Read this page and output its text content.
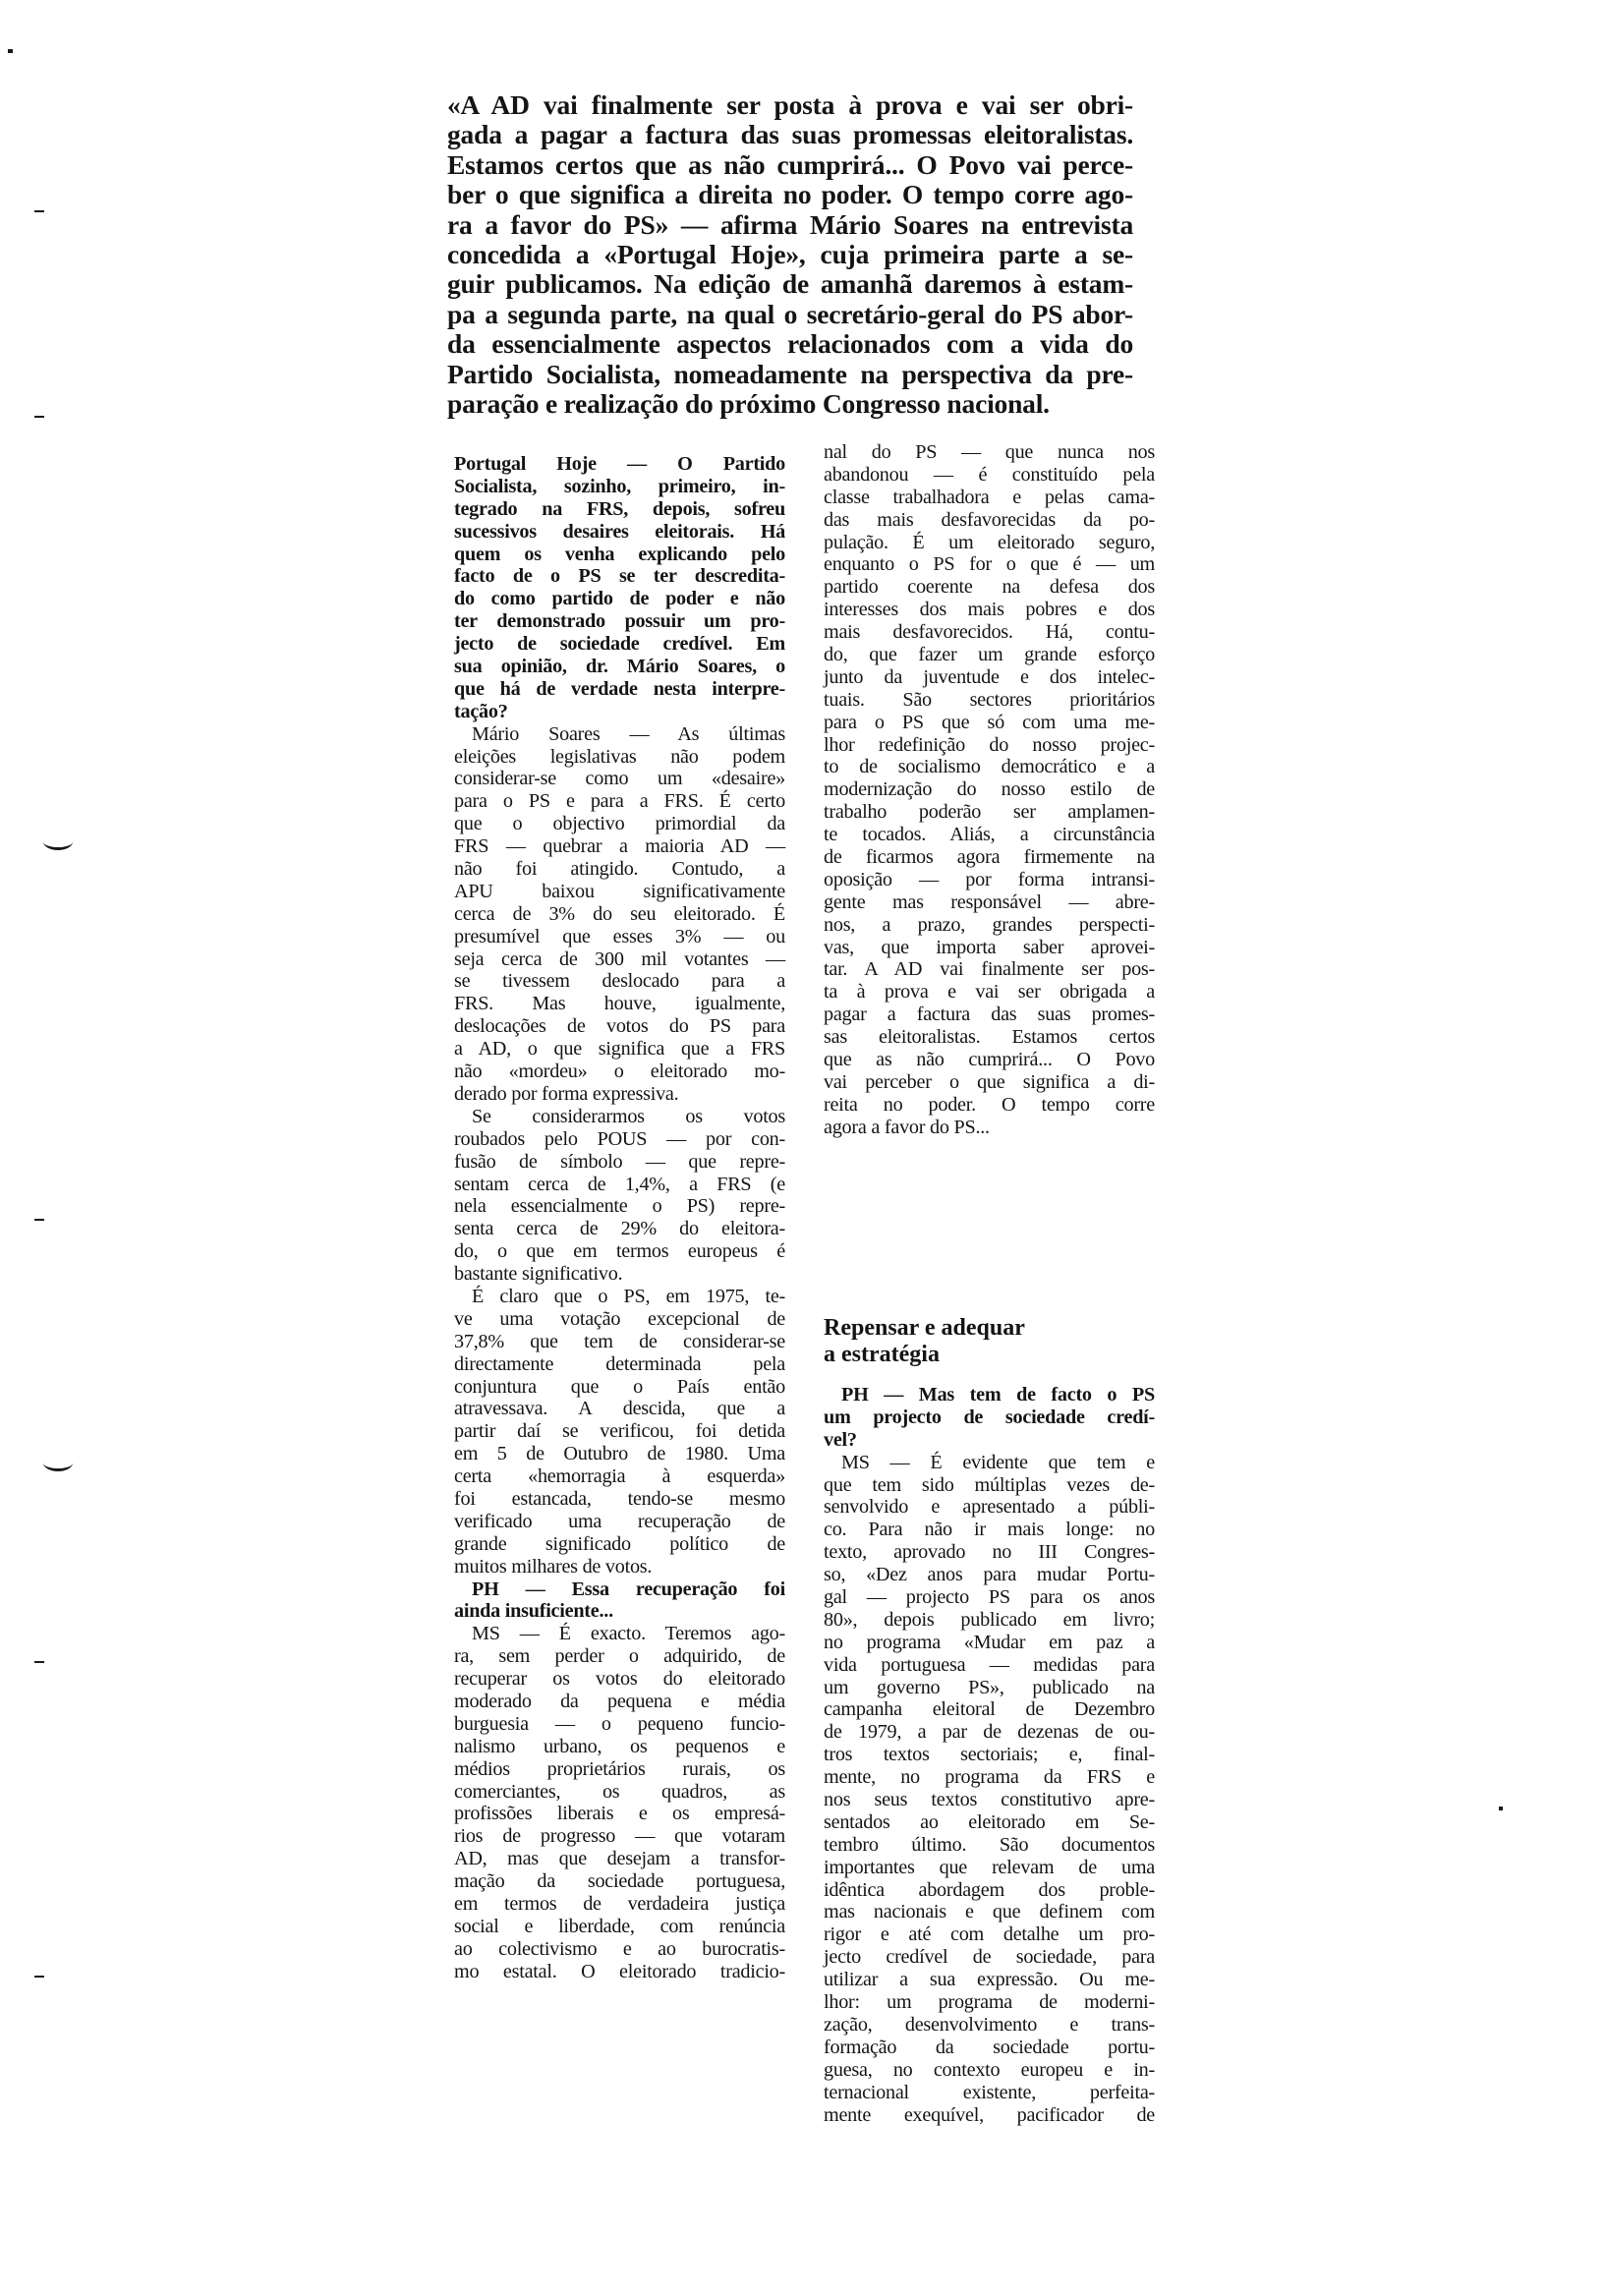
«A AD vai finalmente ser posta à prova e vai ser obri-
gada a pagar a factura das suas promessas eleitoralistas.
Estamos certos que as não cumprirá... O Povo vai perce-
ber o que significa a direita no poder. O tempo corre ago-
ra a favor do PS» — afirma Mário Soares na entrevista
concedida a «Portugal Hoje», cuja primeira parte a se-
guir publicamos. Na edição de amanhã daremos à estam-
pa a segunda parte, na qual o secretário-geral do PS abor-
da essencialmente aspectos relacionados com a vida do
Partido Socialista, nomeadamente na perspectiva da pre-
paração e realização do próximo Congresso nacional.
Portugal Hoje — O Partido
Socialista, sozinho, primeiro, in-
tegrado na FRS, depois, sofreu
sucessivos desaires eleitorais. Há
quem os venha explicando pelo
facto de o PS se ter descredita-
do como partido de poder e não
ter demonstrado possuir um pro-
jecto de sociedade credível. Em
sua opinião, dr. Mário Soares, o
que há de verdade nesta interpre-
tação?
Mário Soares — As últimas
eleições legislativas não podem
considerar-se como um «desaire»
para o PS e para a FRS. É certo
que o objectivo primordial da
FRS — quebrar a maioria AD —
não foi atingido. Contudo, a
APU baixou significativamente
cerca de 3% do seu eleitorado. É
presumível que esses 3% — ou
seja cerca de 300 mil votantes —
se tivessem deslocado para a
FRS. Mas houve, igualmente,
deslocações de votos do PS para
a AD, o que significa que a FRS
não «mordeu» o eleitorado mo-
derado por forma expressiva.
Se considerarmos os votos
roubados pelo POUS — por con-
fusão de símbolo — que repre-
sentam cerca de 1,4%, a FRS (e
nela essencialmente o PS) repre-
senta cerca de 29% do eleitora-
do, o que em termos europeus é
bastante significativo.
É claro que o PS, em 1975, te-
ve uma votação excepcional de
37,8% que tem de considerar-se
directamente determinada pela
conjuntura que o País então
atravessava. A descida, que a
partir daí se verificou, foi detida
em 5 de Outubro de 1980. Uma
certa «hemorragia à esquerda»
foi estancada, tendo-se mesmo
verificado uma recuperação de
grande significado político de
muitos milhares de votos.
PH — Essa recuperação foi
ainda insuficiente...
MS — É exacto. Teremos ago-
ra, sem perder o adquirido, de
recuperar os votos do eleitorado
moderado da pequena e média
burguesia — o pequeno funcio-
nalismo urbano, os pequenos e
médios proprietários rurais, os
comerciantes, os quadros, as
profissões liberais e os empresá-
rios de progresso — que votaram
AD, mas que desejam a transfor-
mação da sociedade portuguesa,
em termos de verdadeira justiça
social e liberdade, com renúncia
ao colectivismo e ao burocratis-
mo estatal. O eleitorado tradicio-
nal do PS — que nunca nos
abandonou — é constituído pela
classe trabalhadora e pelas cama-
das mais desfavorecidas da po-
pulação. É um eleitorado seguro,
enquanto o PS for o que é — um
partido coerente na defesa dos
interesses dos mais pobres e dos
mais desfavorecidos. Há, contu-
do, que fazer um grande esforço
junto da juventude e dos intelec-
tuais. São sectores prioritários
para o PS que só com uma me-
lhor redefinição do nosso projec-
to de socialismo democrático e a
modernização do nosso estilo de
trabalho poderão ser amplamen-
te tocados. Aliás, a circunstância
de ficarmos agora firmemente na
oposição — por forma intransi-
gente mas responsável — abre-
nos, a prazo, grandes perspecti-
vas, que importa saber aprovei-
tar. A AD vai finalmente ser pos-
ta à prova e vai ser obrigada a
pagar a factura das suas promes-
sas eleitoralistas. Estamos certos
que as não cumprirá... O Povo
vai perceber o que significa a di-
reita no poder. O tempo corre
agora a favor do PS...
Repensar e adequar
a estratégia
PH — Mas tem de facto o PS
um projecto de sociedade credí-
vel?
MS — É evidente que tem e
que tem sido múltiplas vezes de-
senvolvido e apresentado a públi-
co. Para não ir mais longe: no
texto, aprovado no III Congres-
so, «Dez anos para mudar Portu-
gal — projecto PS para os anos
80», depois publicado em livro;
no programa «Mudar em paz a
vida portuguesa — medidas para
um governo PS», publicado na
campanha eleitoral de Dezembro
de 1979, a par de dezenas de ou-
tros textos sectoriais; e, final-
mente, no programa da FRS e
nos seus textos constitutivo apre-
sentados ao eleitorado em Se-
tembro último. São documentos
importantes que relevam de uma
idêntica abordagem dos proble-
mas nacionais e que definem com
rigor e até com detalhe um pro-
jecto credível de sociedade, para
utilizar a sua expressão. Ou me-
lhor: um programa de moderni-
zação, desenvolvimento e trans-
formação da sociedade portu-
guesa, no contexto europeu e in-
ternacional existente, perfeita-
mente exequível, pacificador de
